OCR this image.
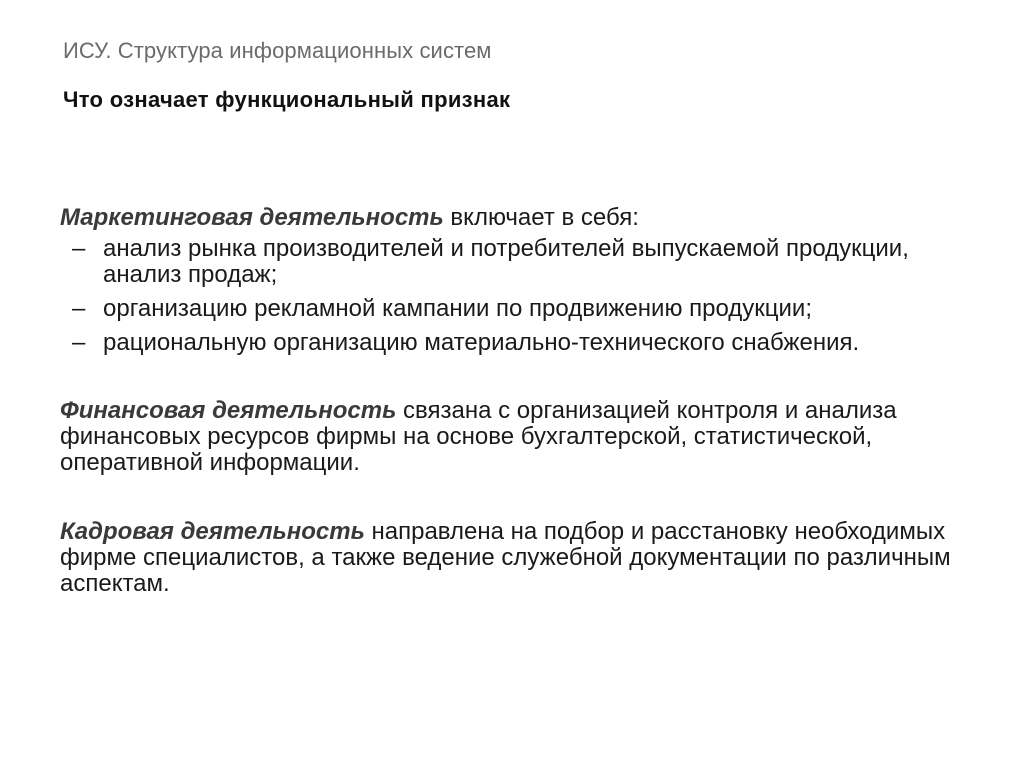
ИСУ. Структура информационных систем
Что означает функциональный признак

Маркетинговая деятельность включает в себя:

– анализ рынка производителей и потребителей выпускаемой продукции, анализ продаж;
– организацию рекламной кампании по продвижению продукции;
– рациональную организацию материально-технического снабжения.

Финансовая деятельность связана с организацией контроля и анализа финансовых ресурсов фирмы на основе бухгалтерской, статистической, оперативной информации.

Кадровая деятельность направлена на подбор и расстановку необходимых фирме специалистов, а также ведение служебной документации по различным аспектам.
